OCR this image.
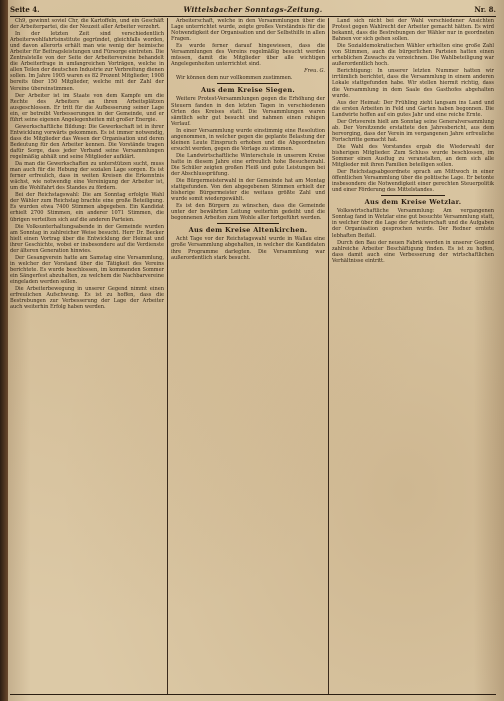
Seite 4.	Wittelsbacher Sonntags-Zeitung.	Nr. 8.

Ch9, gewinnt soviel Chr, die Kartoffeln, und ein Geschäft der Arbeiterpartei, die der Neuzeit aller Arbeiter verzehrt.

In der letzten Zeit sind verschiedentlich Arbeiterwohlfahrtsinstitute gegründet, gleichfalls worden, und davon allerorts erhält man wie wenig der heimische Arbeiter für Beitragsleistungen und Fürsorge eintreten. Die Zentralstelle von der Seite der Arbeitervereine behandelt die Arbeiterfrage in umfangreichen Vorträgen, welche in allen Teilen der deutschen Industrie zur Verbreitung dienen sollen. Im Jahre 1905 waren es 82 Prozent Mitglieder, 1908 bereits über 150 Mitglieder, welche mit der Zahl der Vereine übereinstimmen.

Der Arbeiter ist im Staate von dem Kampfe um die Rechte des Arbeiters an ihren Arbeitsplätzen ausgeschlossen. Er tritt für die Aufbesserung seiner Lage ein, er betreibt Verbesserungen in der Gemeinde, und er führt seine eigenen Angelegenheiten mit großer Energie.

Gewerkschaftliche Bildung: Die Gewerkschaft ist in ihrer Entwicklung vorwärts gekommen. Es ist immer notwendig, dass die Mitglieder das Wesen der Organisation und deren Bedeutung für den Arbeiter kennen. Die Vorstände tragen dafür Sorge, dass jeder Verband seine Versammlungen regelmäßig abhält und seine Mitglieder aufklärt.

Da man die Gewerkschaften zu unterstützen sucht, muss man auch für die Hebung der sozialen Lage sorgen. Es ist ferner erfreulich, dass in weiten Kreisen die Erkenntnis wächst, wie notwendig eine Vereinigung der Arbeiter ist, um die Wohlfahrt des Standes zu fördern.

Bei der Reichstagswahl: Die am Sonntag erfolgte Wahl der Wähler zum Reichstag brachte eine große Beteiligung. Es wurden etwa 7400 Stimmen abgegeben. Ein Kandidat erhielt 2700 Stimmen, ein anderer 1071 Stimmen, die übrigen verteilten sich auf die anderen Parteien.

Die Volksunterhaltungsabende in der Gemeinde wurden am Sonntag in zahlreicher Weise besucht. Herr Dr. Becker hielt einen Vortrag über die Entwicklung der Heimat und ihrer Geschichte, wobei er insbesondere auf die Verdienste der älteren Generation hinwies.

Der Gesangverein hatte am Samstag eine Versammlung, in welcher der Vorstand über die Tätigkeit des Vereins berichtete. Es wurde beschlossen, im kommenden Sommer ein Sängerfest abzuhalten, zu welchem die Nachbarvereine eingeladen werden sollen.

Die Arbeiterbewegung in unserer Gegend nimmt einen erfreulichen Aufschwung. Es ist zu hoffen, dass die Bestrebungen zur Verbesserung der Lage der Arbeiter auch weiterhin Erfolg haben werden.

Arbeiterschaft, welche in den Versammlungen über die Lage unterrichtet wurde, zeigte großes Verständnis für die Notwendigkeit der Organisation und der Selbsthilfe in allen Fragen.

Es wurde ferner darauf hingewiesen, dass die Versammlungen des Vereins regelmäßig besucht werden müssen, damit die Mitglieder über alle wichtigen Angelegenheiten unterrichtet sind.

Freu. G.

Wir können dem nur vollkommen zustimmen.

Aus dem Kreise Siegen.

Weitere Protest-Versammlungen gegen die Erhöhung der Steuern fanden in den letzten Tagen in verschiedenen Orten des Kreises statt. Die Versammlungen waren sämtlich sehr gut besucht und nahmen einen ruhigen Verlauf.

In einer Versammlung wurde einstimmig eine Resolution angenommen, in welcher gegen die geplante Belastung der kleinen Leute Einspruch erhoben und die Abgeordneten ersucht werden, gegen die Vorlage zu stimmen.

Die Landwirtschaftliche Winterschule in unserem Kreise hatte in diesem Jahre eine erfreulich hohe Besucherzahl. Die Schüler zeigten großen Fleiß und gute Leistungen bei der Abschlussprüfung.

Die Bürgermeisterwahl in der Gemeinde hat am Montag stattgefunden. Von den abgegebenen Stimmen erhielt der bisherige Bürgermeister die weitaus größte Zahl und wurde somit wiedergewählt.

Es ist den Bürgern zu wünschen, dass die Gemeinde unter der bewährten Leitung weiterhin gedeiht und die begonnenen Arbeiten zum Wohle aller fortgeführt werden.

Aus dem Kreise Altenkirchen.

Acht Tage vor der Reichstagswahl wurde in Wallau eine große Versammlung abgehalten, in welcher die Kandidaten ihre Programme darlegten. Die Versammlung war außerordentlich stark besucht.

Land sich nicht bei der Wahl verschiedener Ansichten Protest gegen Wahlrecht der Arbeiter gemacht hätten. Es wird bekannt, dass die Bestrebungen der Wähler nur in geordneten Bahnen vor sich gehen sollen.

Die Sozialdemokratischen Wähler erhielten eine große Zahl von Stimmen, auch die bürgerlichen Parteien hatten einen erheblichen Zuwachs zu verzeichnen. Die Wahlbeteiligung war außerordentlich hoch.

Berichtigung: In unserer letzten Nummer hatten wir irrtümlich berichtet, dass die Versammlung in einem anderen Lokale stattgefunden habe. Wir stellen hiermit richtig, dass die Versammlung in dem Saale des Gasthofes abgehalten wurde.

Aus der Heimat: Der Frühling zieht langsam ins Land und die ersten Arbeiten in Feld und Garten haben begonnen. Die Landwirte hoffen auf ein gutes Jahr und eine reiche Ernte.

Der Ortsverein hielt am Sonntag seine Generalversammlung ab. Der Vorsitzende erstattete den Jahresbericht, aus dem hervorging, dass der Verein im vergangenen Jahre erfreuliche Fortschritte gemacht hat.

Die Wahl des Vorstandes ergab die Wiederwahl der bisherigen Mitglieder. Zum Schluss wurde beschlossen, im Sommer einen Ausflug zu veranstalten, an dem sich alle Mitglieder mit ihren Familien beteiligen sollen.

Der Reichstagsabgeordnete sprach am Mittwoch in einer öffentlichen Versammlung über die politische Lage. Er betonte insbesondere die Notwendigkeit einer gerechten Steuerpolitik und einer Förderung des Mittelstandes.

Aus dem Kreise Wetzlar.

Volkswirtschaftliche Versammlung: Am vergangenen Sonntag fand in Wetzlar eine gut besuchte Versammlung statt, in welcher über die Lage der Arbeiterschaft und die Aufgaben der Organisation gesprochen wurde. Der Redner erntete lebhaften Beifall.

Durch den Bau der neuen Fabrik werden in unserer Gegend zahlreiche Arbeiter Beschäftigung finden. Es ist zu hoffen, dass damit auch eine Verbesserung der wirtschaftlichen Verhältnisse eintritt.
